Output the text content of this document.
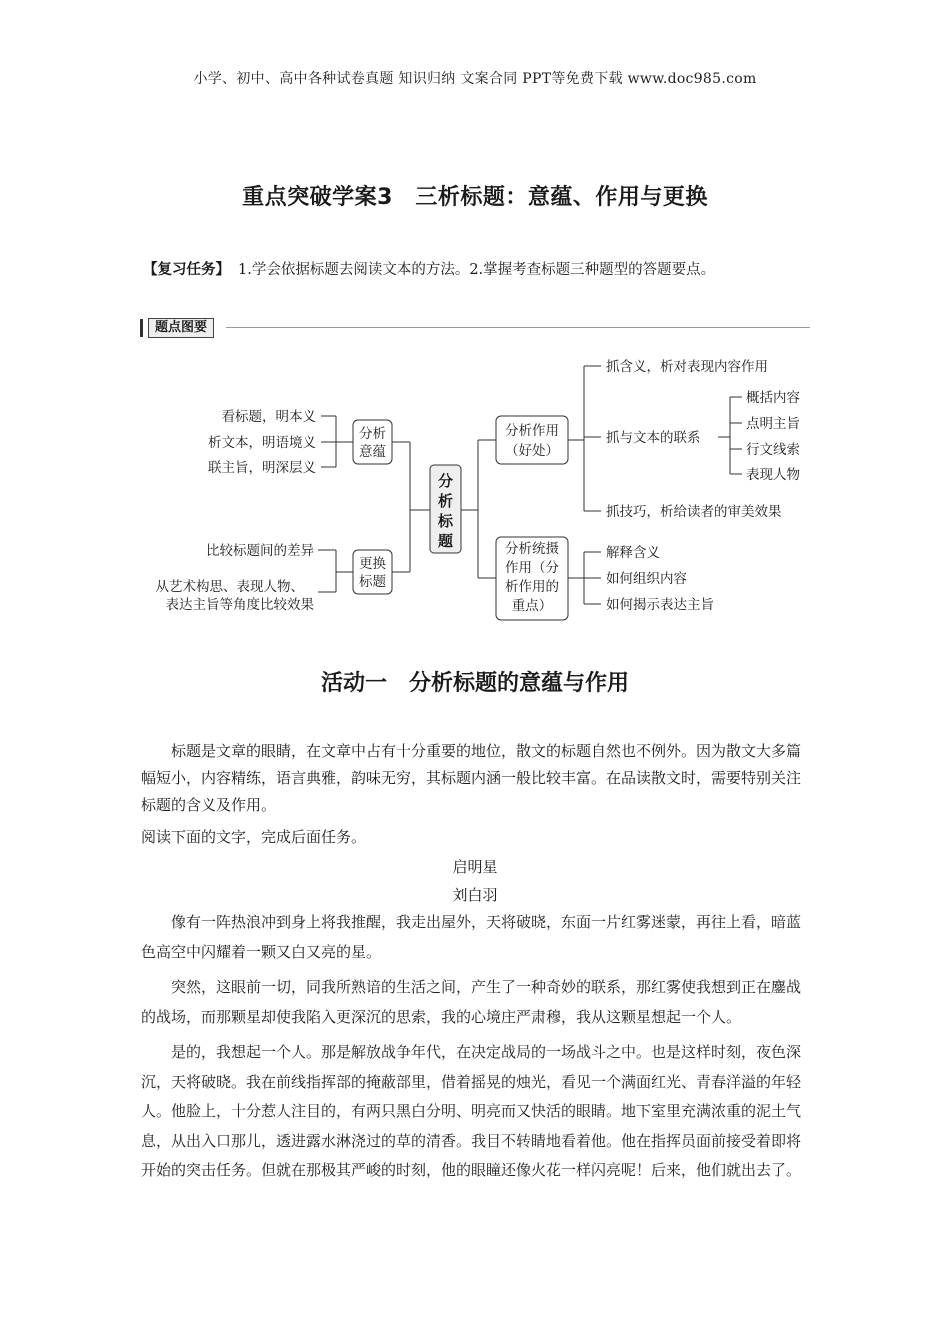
小学、初中、高中各种试卷真题 知识归纳 文案合同 PPT等免费下载 www.doc985.com
重点突破学案3　三析标题：意蕴、作用与更换
【复习任务】 1.学会依据标题去阅读文本的方法。2.掌握考查标题三种题型的答题要点。
题点图要
看标题，明本义
析文本，明语境义
联主旨，明深层义
比较标题间的差异
从艺术构思、表现人物、
表达主旨等角度比较效果
分析
意蕴
更换
标题
分
析
标
题
分析作用
（好处）
分析统摄
作用（分
析作用的
重点）
抓含义，析对表现内容作用
抓与文本的联系
抓技巧，析给读者的审美效果
概括内容
点明主旨
行文线索
表现人物
解释含义
如何组织内容
如何揭示表达主旨
活动一　分析标题的意蕴与作用
标题是文章的眼睛，在文章中占有十分重要的地位，散文的标题自然也不例外。因为散文大多篇幅短小，内容精练，语言典雅，韵味无穷，其标题内涵一般比较丰富。在品读散文时，需要特别关注标题的含义及作用。
阅读下面的文字，完成后面任务。
启明星
刘白羽

像有一阵热浪冲到身上将我推醒，我走出屋外，天将破晓，东面一片红雾迷蒙，再往上看，暗蓝色高空中闪耀着一颗又白又亮的星。

突然，这眼前一切，同我所熟谙的生活之间，产生了一种奇妙的联系，那红雾使我想到正在鏖战的战场，而那颗星却使我陷入更深沉的思索，我的心境庄严肃穆，我从这颗星想起一个人。

是的，我想起一个人。那是解放战争年代，在决定战局的一场战斗之中。也是这样时刻，夜色深沉，天将破晓。我在前线指挥部的掩蔽部里，借着摇晃的烛光，看见一个满面红光、青春洋溢的年轻人。他脸上，十分惹人注目的，有两只黑白分明、明亮而又快活的眼睛。地下室里充满浓重的泥土气息，从出入口那儿，透进露水淋浇过的草的清香。我目不转睛地看着他。他在指挥员面前接受着即将开始的突击任务。但就在那极其严峻的时刻，他的眼瞳还像火花一样闪亮呢！后来，他们就出去了。
